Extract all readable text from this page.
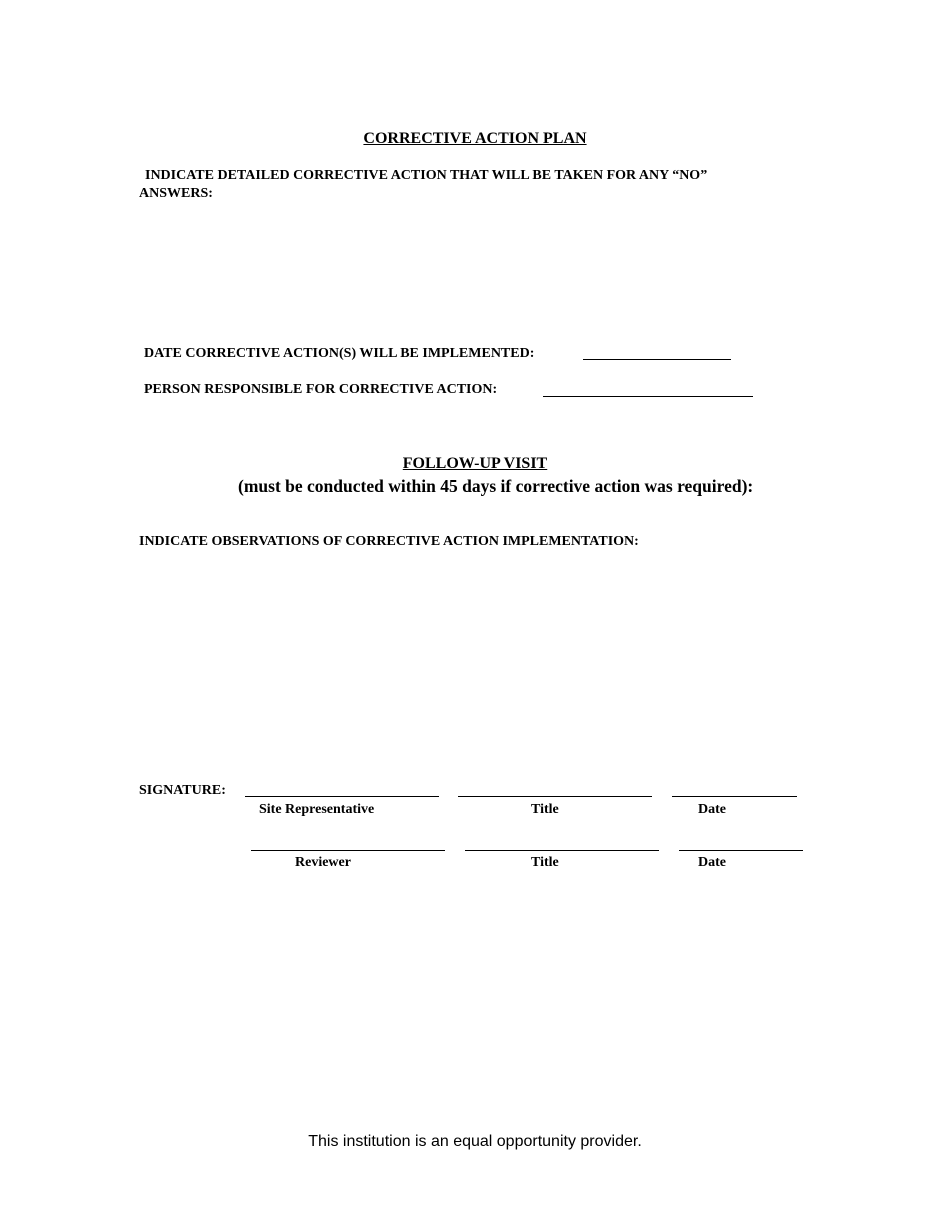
CORRECTIVE ACTION PLAN
INDICATE DETAILED CORRECTIVE ACTION THAT WILL BE TAKEN FOR ANY “NO”
ANSWERS:
DATE CORRECTIVE ACTION(S) WILL BE IMPLEMENTED:
PERSON RESPONSIBLE FOR CORRECTIVE ACTION:
FOLLOW-UP VISIT
(must be conducted within 45 days if corrective action was required):
INDICATE OBSERVATIONS OF CORRECTIVE ACTION IMPLEMENTATION:
SIGNATURE:
Site Representative	Title	Date
Reviewer	Title	Date
This institution is an equal opportunity provider.
